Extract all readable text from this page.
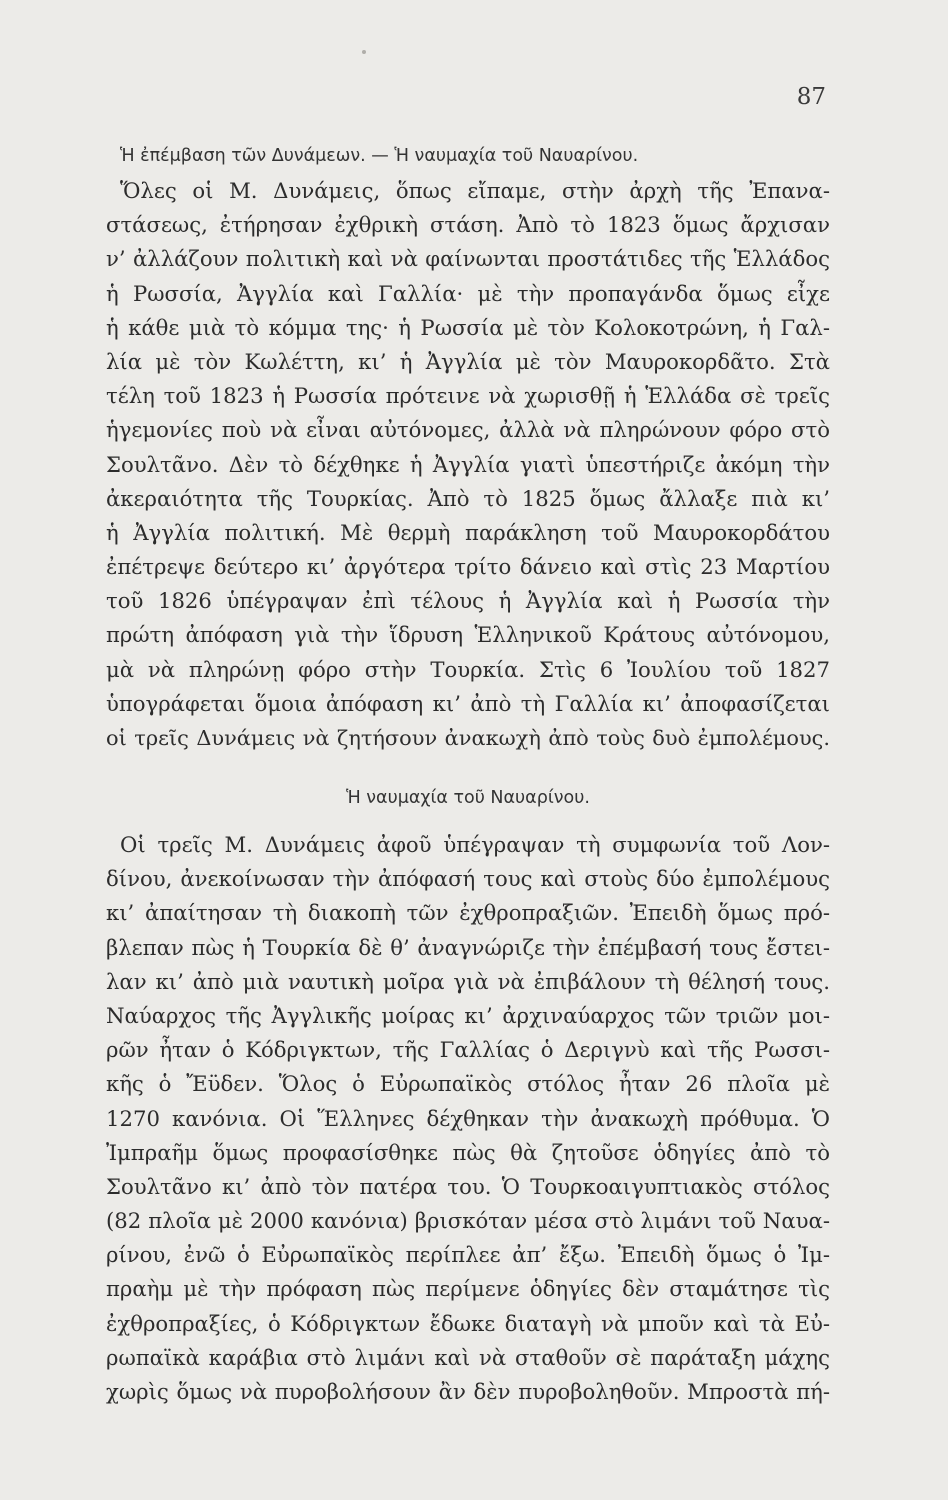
87
Ἡ ἐπέμβαση τῶν Δυνάμεων. — Ἡ ναυμαχία τοῦ Ναυαρίνου.
Ὅλες οἱ Μ. Δυνάμεις, ὅπως εἴπαμε, στὴν ἀρχὴ τῆς Ἐπανα-
στάσεως, ἐτήρησαν ἐχθρικὴ στάση. Ἀπὸ τὸ 1823 ὅμως ἄρχισαν
ν’ ἀλλάζουν πολιτικὴ καὶ νὰ φαίνωνται προστάτιδες τῆς Ἑλλάδος
ἡ Ρωσσία, Ἀγγλία καὶ Γαλλία· μὲ τὴν προπαγάνδα ὅμως εἶχε
ἡ κάθε μιὰ τὸ κόμμα της· ἡ Ρωσσία μὲ τὸν Κολοκοτρώνη, ἡ Γαλ-
λία μὲ τὸν Κωλέττη, κι’ ἡ Ἀγγλία μὲ τὸν Μαυροκορδᾶτο. Στὰ
τέλη τοῦ 1823 ἡ Ρωσσία πρότεινε νὰ χωρισθῇ ἡ Ἑλλάδα σὲ τρεῖς
ἡγεμονίες ποὺ νὰ εἶναι αὐτόνομες, ἀλλὰ νὰ πληρώνουν φόρο στὸ
Σουλτᾶνο. Δὲν τὸ δέχθηκε ἡ Ἀγγλία γιατὶ ὑπεστήριζε ἀκόμη τὴν
ἀκεραιότητα τῆς Τουρκίας. Ἀπὸ τὸ 1825 ὅμως ἄλλαξε πιὰ κι’
ἡ Ἀγγλία πολιτική. Μὲ θερμὴ παράκληση τοῦ Μαυροκορδάτου
ἐπέτρεψε δεύτερο κι’ ἀργότερα τρίτο δάνειο καὶ στὶς 23 Μαρτίου
τοῦ 1826 ὑπέγραψαν ἐπὶ τέλους ἡ Ἀγγλία καὶ ἡ Ρωσσία τὴν
πρώτη ἀπόφαση γιὰ τὴν ἵδρυση Ἑλληνικοῦ Κράτους αὐτόνομου,
μὰ νὰ πληρώνῃ φόρο στὴν Τουρκία. Στὶς 6 Ἰουλίου τοῦ 1827
ὑπογράφεται ὅμοια ἀπόφαση κι’ ἀπὸ τὴ Γαλλία κι’ ἀποφασίζεται
οἱ τρεῖς Δυνάμεις νὰ ζητήσουν ἀνακωχὴ ἀπὸ τοὺς δυὸ ἐμπολέμους.
Ἡ ναυμαχία τοῦ Ναυαρίνου.
Οἱ τρεῖς Μ. Δυνάμεις ἀφοῦ ὑπέγραψαν τὴ συμφωνία τοῦ Λον-
δίνου, ἀνεκοίνωσαν τὴν ἀπόφασή τους καὶ στοὺς δύο ἐμπολέμους
κι’ ἀπαίτησαν τὴ διακοπὴ τῶν ἐχθροπραξιῶν. Ἐπειδὴ ὅμως πρό-
βλεπαν πὼς ἡ Τουρκία δὲ θ’ ἀναγνώριζε τὴν ἐπέμβασή τους ἔστει-
λαν κι’ ἀπὸ μιὰ ναυτικὴ μοῖρα γιὰ νὰ ἐπιβάλουν τὴ θέλησή τους.
Ναύαρχος τῆς Ἀγγλικῆς μοίρας κι’ ἀρχιναύαρχος τῶν τριῶν μοι-
ρῶν ἦταν ὁ Κόδριγκτων, τῆς Γαλλίας ὁ Δεριγνὺ καὶ τῆς Ρωσσι-
κῆς ὁ Ἔϋδεν. Ὅλος ὁ Εὐρωπαϊκὸς στόλος ἦταν 26 πλοῖα μὲ
1270 κανόνια. Οἱ Ἕλληνες δέχθηκαν τὴν ἀνακωχὴ πρόθυμα. Ὁ
Ἰμπραῆμ ὅμως προφασίσθηκε πὼς θὰ ζητοῦσε ὁδηγίες ἀπὸ τὸ
Σουλτᾶνο κι’ ἀπὸ τὸν πατέρα του. Ὁ Τουρκοαιγυπτιακὸς στόλος
(82 πλοῖα μὲ 2000 κανόνια) βρισκόταν μέσα στὸ λιμάνι τοῦ Ναυα-
ρίνου, ἐνῶ ὁ Εὐρωπαϊκὸς περίπλεε ἀπ’ ἔξω. Ἐπειδὴ ὅμως ὁ Ἰμ-
πραὴμ μὲ τὴν πρόφαση πὼς περίμενε ὁδηγίες δὲν σταμάτησε τὶς
ἐχθροπραξίες, ὁ Κόδριγκτων ἔδωκε διαταγὴ νὰ μποῦν καὶ τὰ Εὐ-
ρωπαϊκὰ καράβια στὸ λιμάνι καὶ νὰ σταθοῦν σὲ παράταξη μάχης
χωρὶς ὅμως νὰ πυροβολήσουν ἂν δὲν πυροβοληθοῦν. Μπροστὰ πή-
